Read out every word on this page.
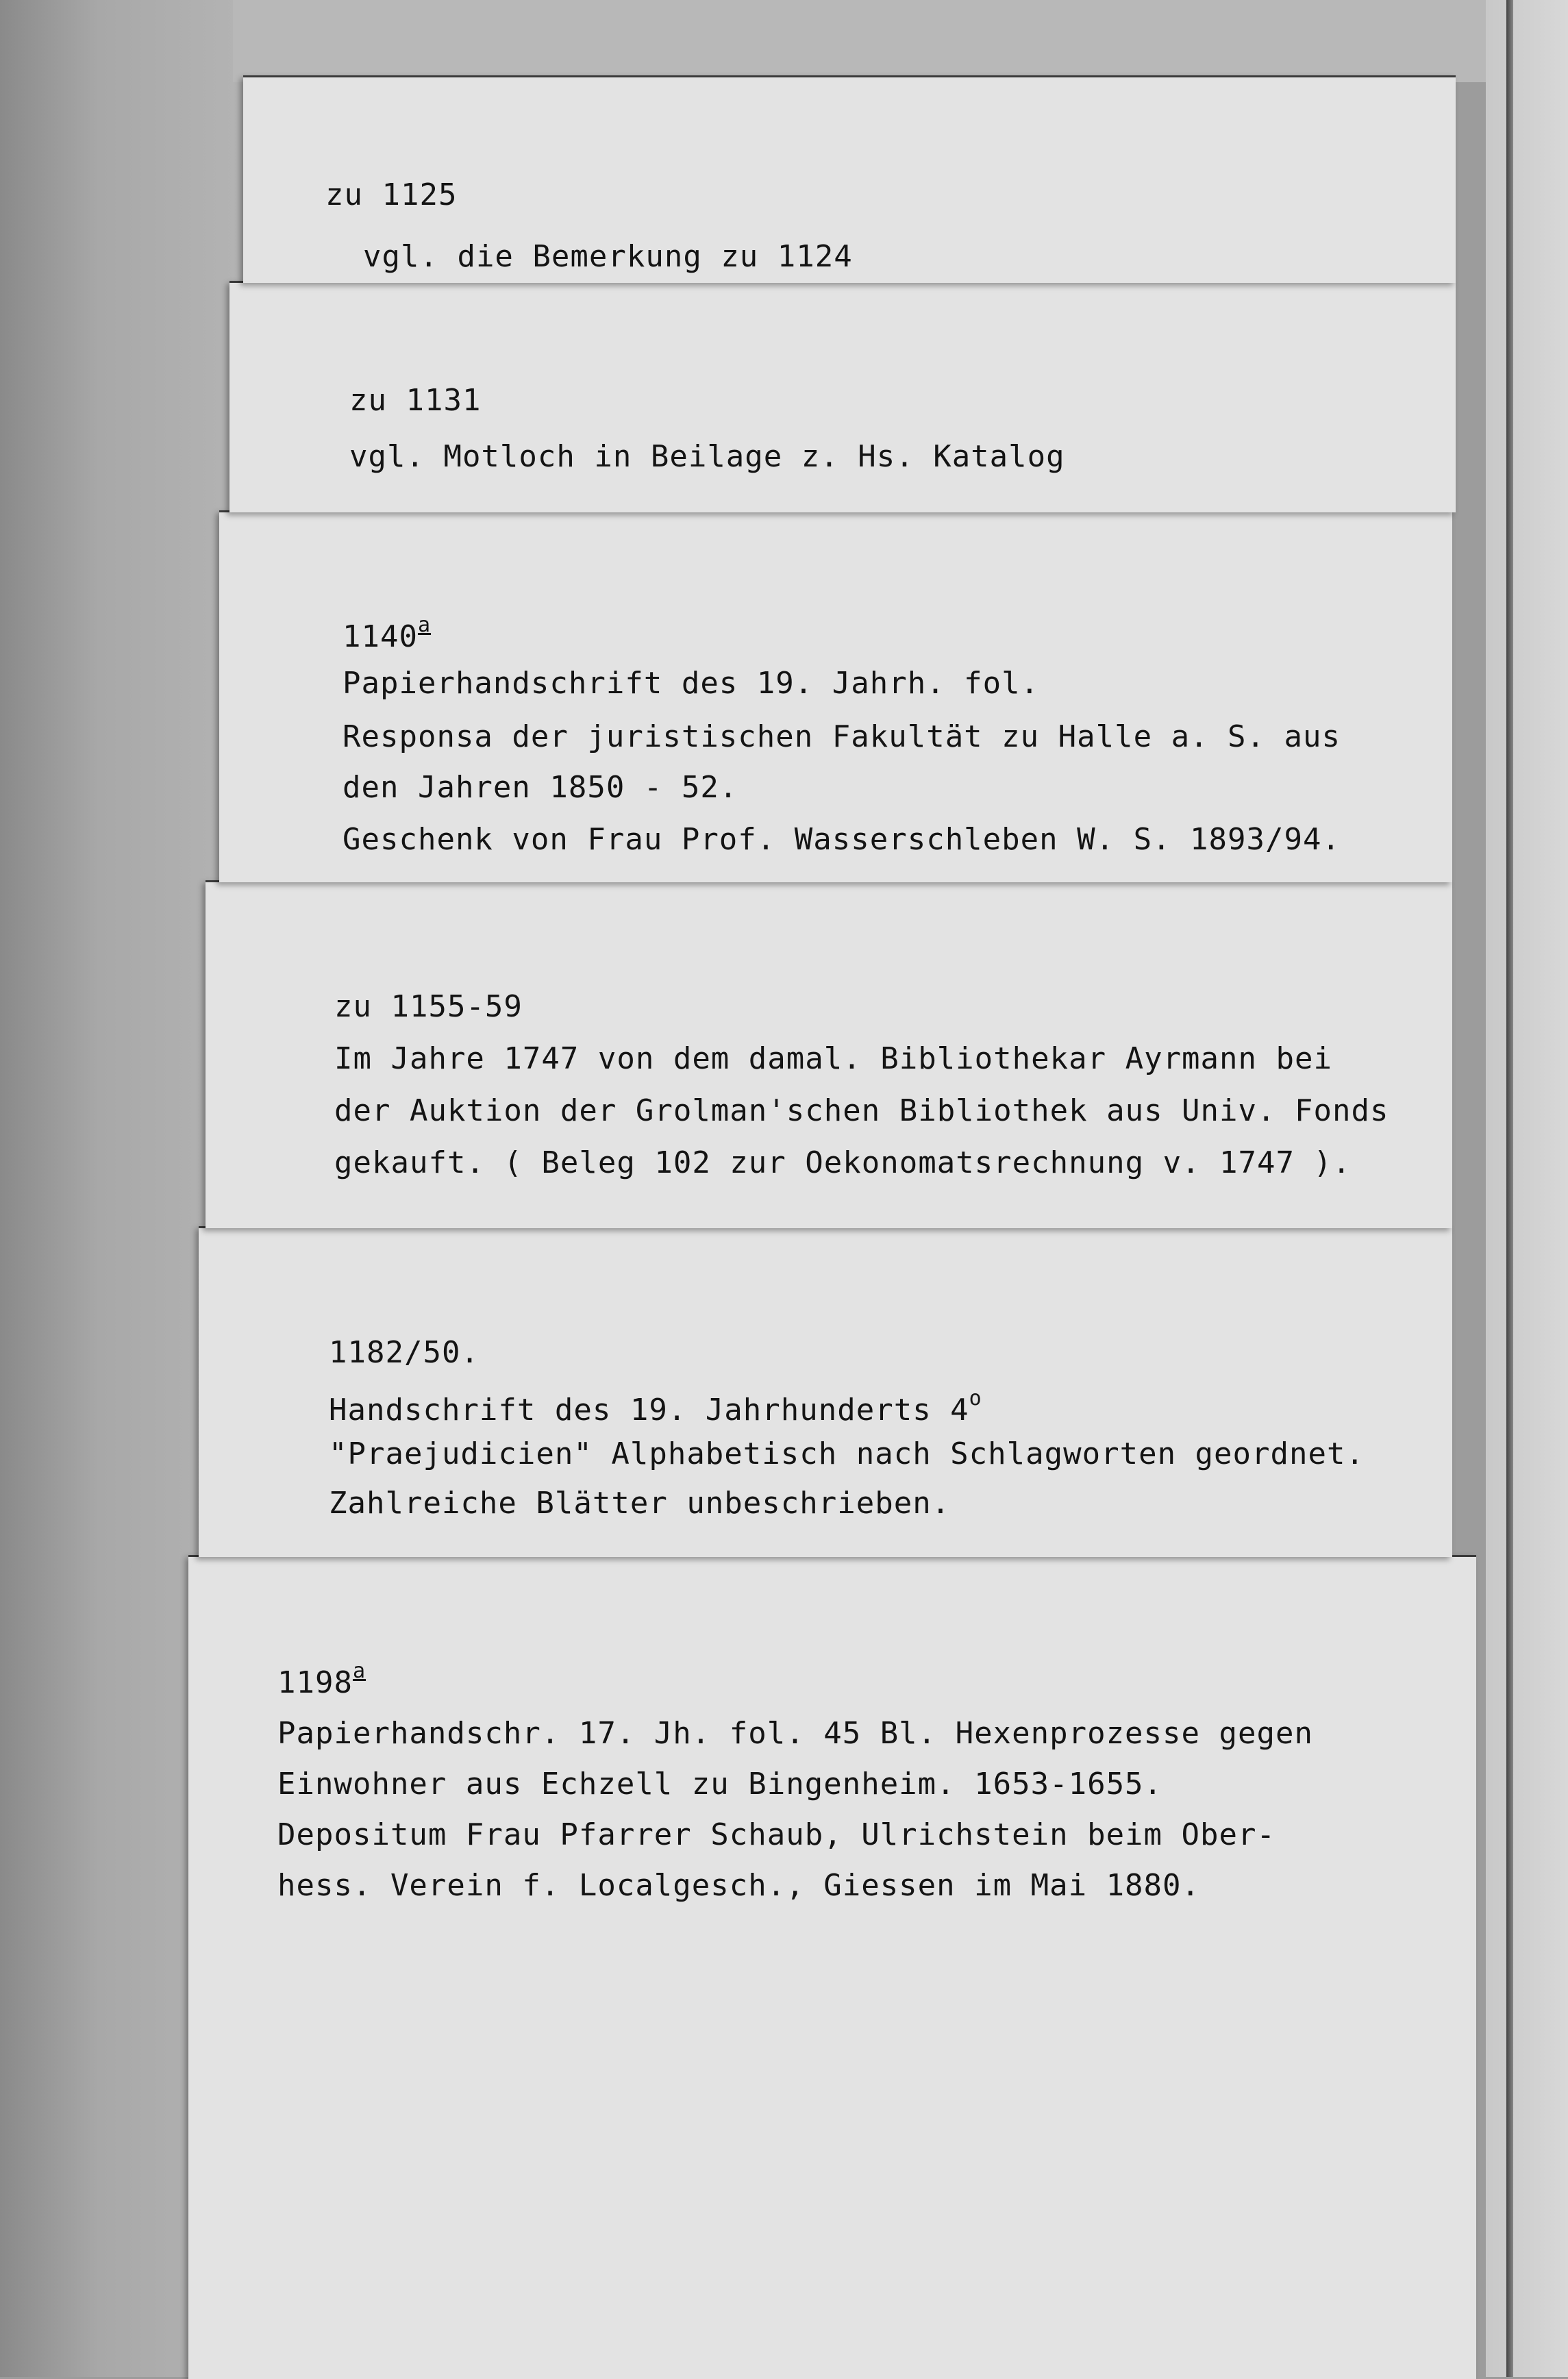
1198$^a$
Papierhandschr. 17. Jh. fol. 45 Bl. Hexenprozesse gegen
Einwohner aus Echzell zu Bingenheim. 1653-1655.
Depositum Frau Pfarrer Schaub, Ulrichstein beim Ober-
hess. Verein f. Localgesch., Giessen im Mai 1880.
1182/50.
Handschrift des 19. Jahrhunderts 4$^o$
"Praejudicien" Alphabetisch nach Schlagworten geordnet.
Zahlreiche Blätter unbeschrieben.
zu 1155-59
Im Jahre 1747 von dem damal. Bibliothekar Ayrmann bei
der Auktion der Grolman'schen Bibliothek aus Univ. Fonds
gekauft. ( Beleg 102 zur Oekonomatsrechnung v. 1747 ).
1140$^a$
Papierhandschrift des 19. Jahrh. fol.
Responsa der juristischen Fakultät zu Halle a. S. aus
den Jahren 1850 - 52.
Geschenk von Frau Prof. Wasserschleben W. S. 1893/94.
zu 1131
vgl. Motloch in Beilage z. Hs. Katalog
zu 1125
vgl. die Bemerkung zu 1124
